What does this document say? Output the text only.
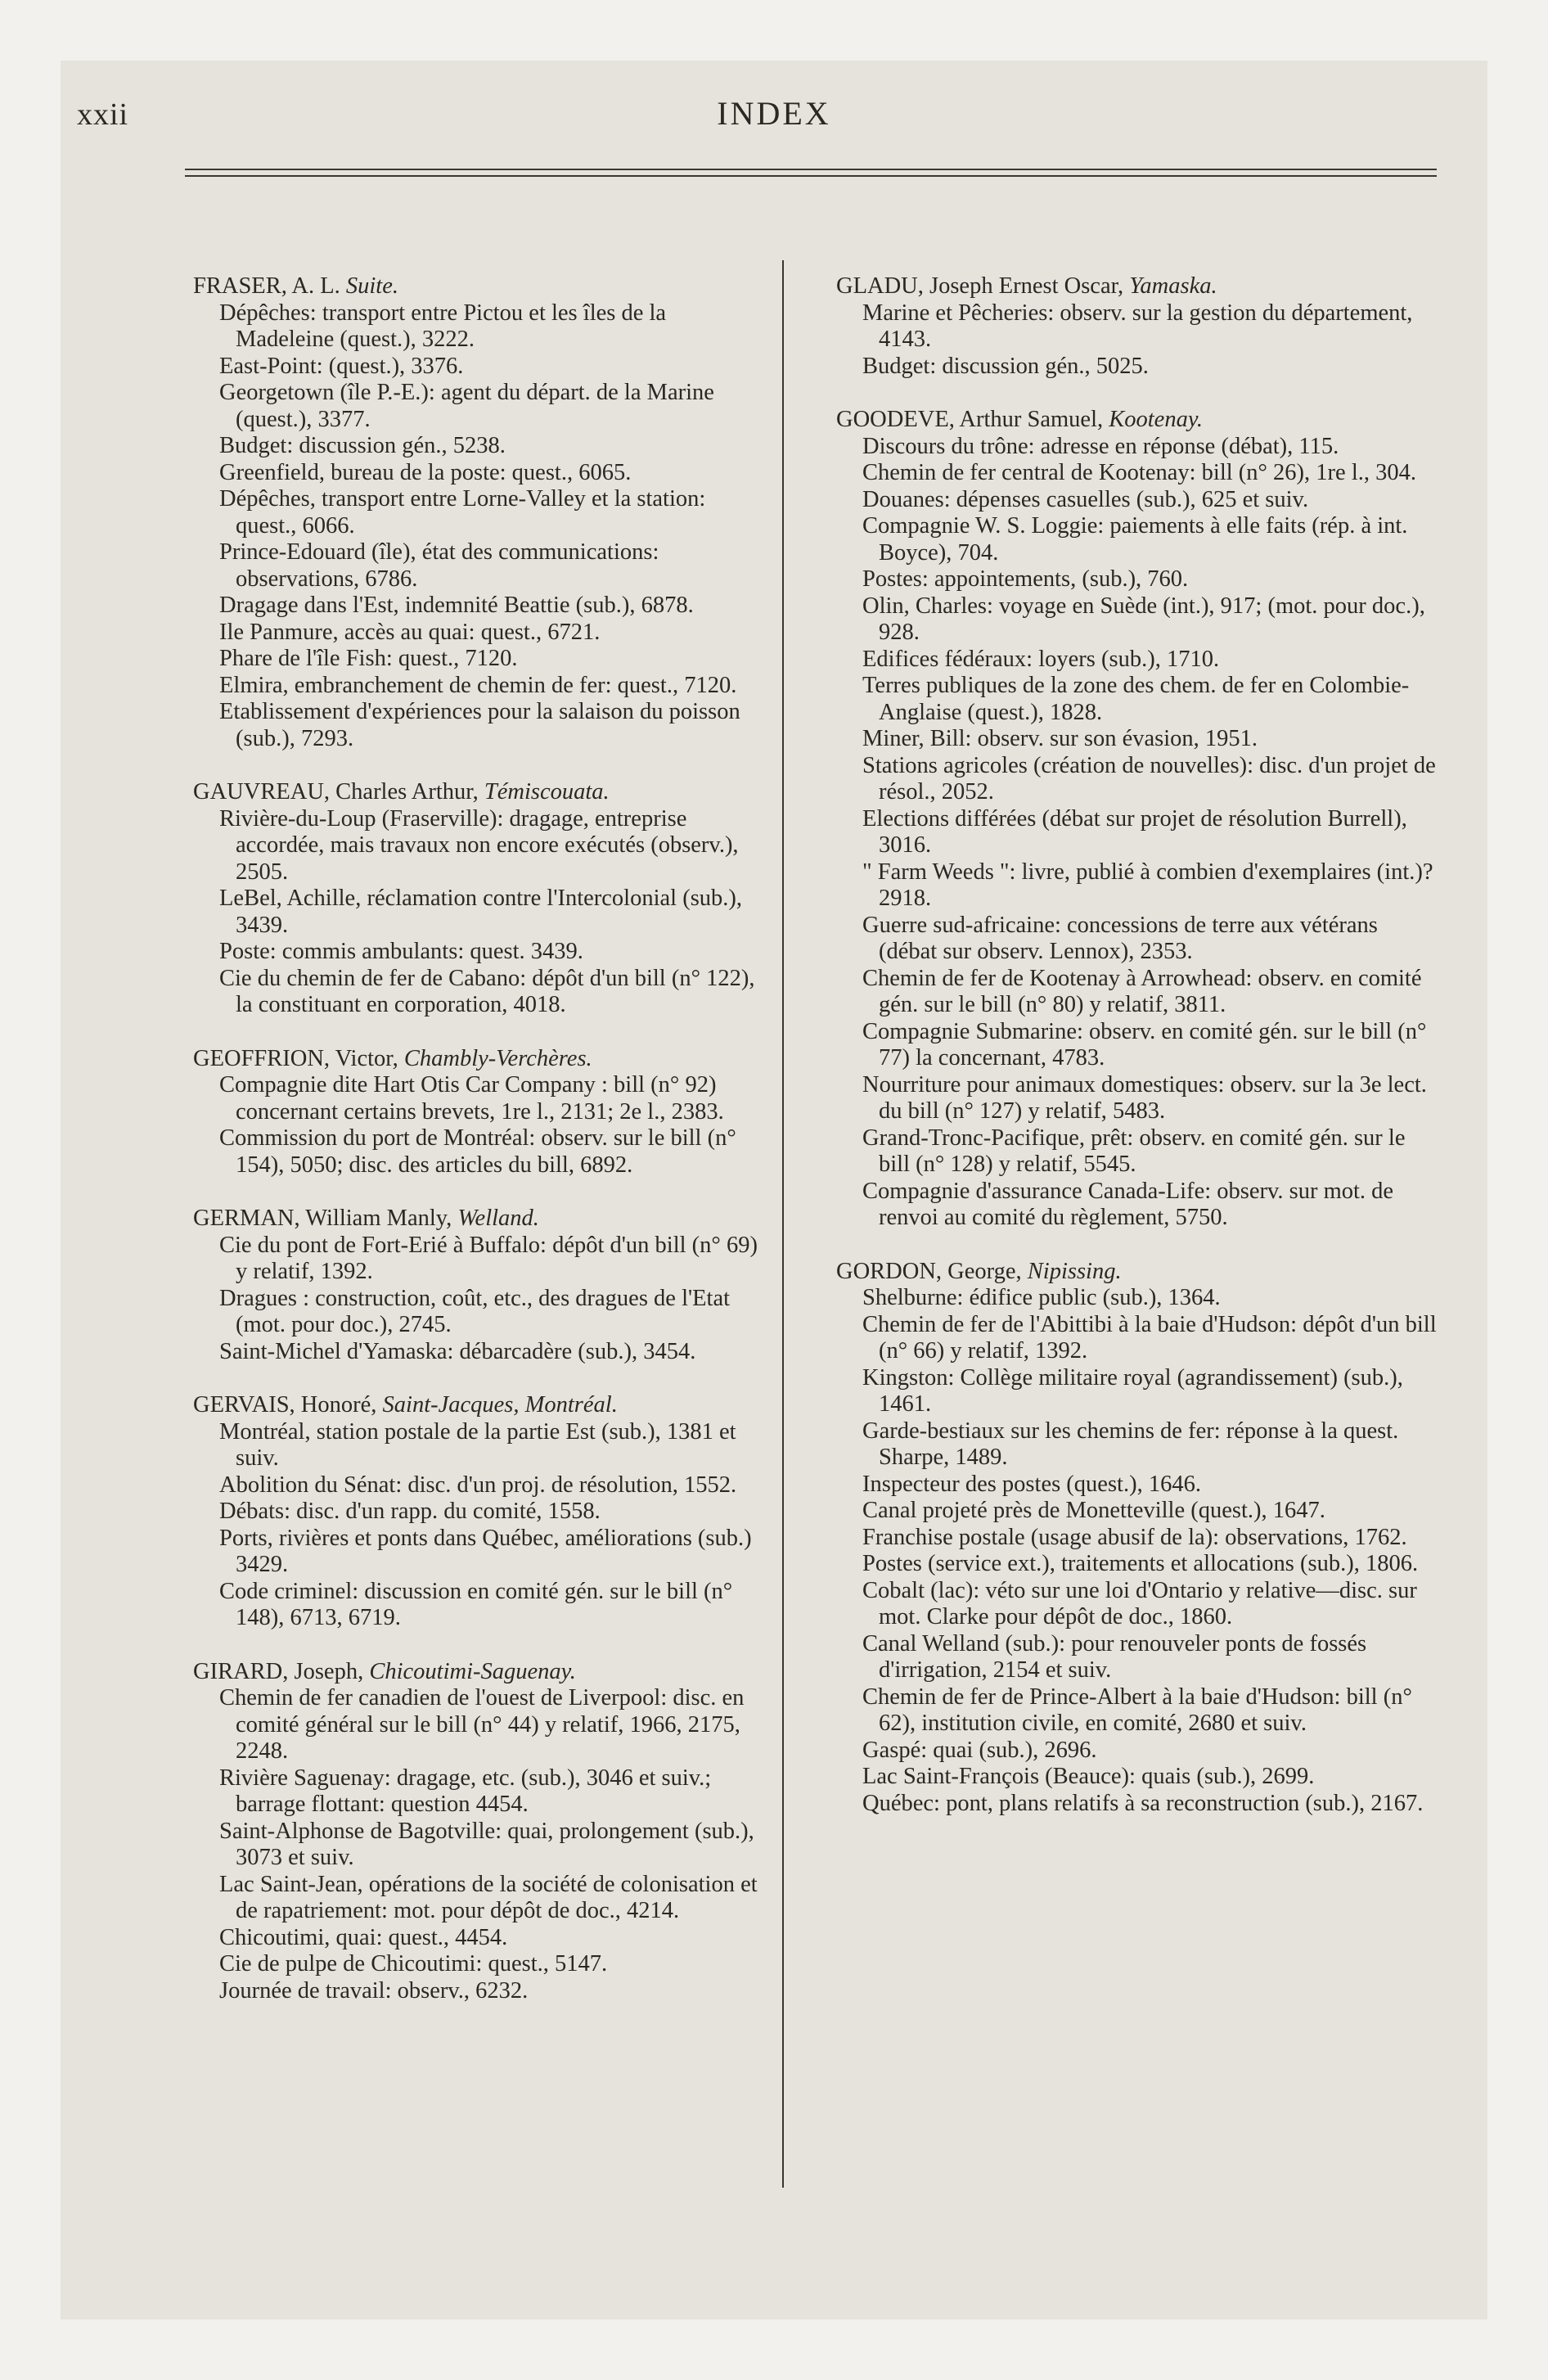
xxii	INDEX
FRASER, A. L. Suite.
Dépêches: transport entre Pictou et les îles de la Madeleine (quest.), 3222.
East-Point: (quest.), 3376.
Georgetown (île P.-E.): agent du départ. de la Marine (quest.), 3377.
Budget: discussion gén., 5238.
Greenfield, bureau de la poste: quest., 6065.
Dépêches, transport entre Lorne-Valley et la station: quest., 6066.
Prince-Edouard (île), état des communications: observations, 6786.
Dragage dans l'Est, indemnité Beattie (sub.), 6878.
Ile Panmure, accès au quai: quest., 6721.
Phare de l'île Fish: quest., 7120.
Elmira, embranchement de chemin de fer: quest., 7120.
Etablissement d'expériences pour la salaison du poisson (sub.), 7293.
GAUVREAU, Charles Arthur, Témiscouata.
Rivière-du-Loup (Fraserville): dragage, entreprise accordée, mais travaux non encore exécutés (observ.), 2505.
LeBel, Achille, réclamation contre l'Intercolonial (sub.), 3439.
Poste: commis ambulants: quest. 3439.
Cie du chemin de fer de Cabano: dépôt d'un bill (n° 122), la constituant en corporation, 4018.
GEOFFRION, Victor, Chambly-Verchères.
Compagnie dite Hart Otis Car Company : bill (n° 92) concernant certains brevets, 1re l., 2131; 2e l., 2383.
Commission du port de Montréal: observ. sur le bill (n° 154), 5050; disc. des articles du bill, 6892.
GERMAN, William Manly, Welland.
Cie du pont de Fort-Erié à Buffalo: dépôt d'un bill (n° 69) y relatif, 1392.
Dragues : construction, coût, etc., des dragues de l'Etat (mot. pour doc.), 2745.
Saint-Michel d'Yamaska: débarcadère (sub.), 3454.
GERVAIS, Honoré, Saint-Jacques, Montréal.
Montréal, station postale de la partie Est (sub.), 1381 et suiv.
Abolition du Sénat: disc. d'un proj. de résolution, 1552.
Débats: disc. d'un rapp. du comité, 1558.
Ports, rivières et ponts dans Québec, améliorations (sub.) 3429.
Code criminel: discussion en comité gén. sur le bill (n° 148), 6713, 6719.
GIRARD, Joseph, Chicoutimi-Saguenay.
Chemin de fer canadien de l'ouest de Liverpool: disc. en comité général sur le bill (n° 44) y relatif, 1966, 2175, 2248.
Rivière Saguenay: dragage, etc. (sub.), 3046 et suiv.; barrage flottant: question 4454.
Saint-Alphonse de Bagotville: quai, prolongement (sub.), 3073 et suiv.
Lac Saint-Jean, opérations de la société de colonisation et de rapatriement: mot. pour dépôt de doc., 4214.
Chicoutimi, quai: quest., 4454.
Cie de pulpe de Chicoutimi: quest., 5147.
Journée de travail: observ., 6232.
GLADU, Joseph Ernest Oscar, Yamaska.
Marine et Pêcheries: observ. sur la gestion du département, 4143.
Budget: discussion gén., 5025.
GOODEVE, Arthur Samuel, Kootenay.
Discours du trône: adresse en réponse (débat), 115.
Chemin de fer central de Kootenay: bill (n° 26), 1re l., 304.
Douanes: dépenses casuelles (sub.), 625 et suiv.
Compagnie W. S. Loggie: paiements à elle faits (rép. à int. Boyce), 704.
Postes: appointements, (sub.), 760.
Olin, Charles: voyage en Suède (int.), 917; (mot. pour doc.), 928.
Edifices fédéraux: loyers (sub.), 1710.
Terres publiques de la zone des chem. de fer en Colombie-Anglaise (quest.), 1828.
Miner, Bill: observ. sur son évasion, 1951.
Stations agricoles (création de nouvelles): disc. d'un projet de résol., 2052.
Elections différées (débat sur projet de résolution Burrell), 3016.
" Farm Weeds ": livre, publié à combien d'exemplaires (int.)? 2918.
Guerre sud-africaine: concessions de terre aux vétérans (débat sur observ. Lennox), 2353.
Chemin de fer de Kootenay à Arrowhead: observ. en comité gén. sur le bill (n° 80) y relatif, 3811.
Compagnie Submarine: observ. en comité gén. sur le bill (n° 77) la concernant, 4783.
Nourriture pour animaux domestiques: observ. sur la 3e lect. du bill (n° 127) y relatif, 5483.
Grand-Tronc-Pacifique, prêt: observ. en comité gén. sur le bill (n° 128) y relatif, 5545.
Compagnie d'assurance Canada-Life: observ. sur mot. de renvoi au comité du règlement, 5750.
GORDON, George, Nipissing.
Shelburne: édifice public (sub.), 1364.
Chemin de fer de l'Abittibi à la baie d'Hudson: dépôt d'un bill (n° 66) y relatif, 1392.
Kingston: Collège militaire royal (agrandissement) (sub.), 1461.
Garde-bestiaux sur les chemins de fer: réponse à la quest. Sharpe, 1489.
Inspecteur des postes (quest.), 1646.
Canal projeté près de Monetteville (quest.), 1647.
Franchise postale (usage abusif de la): observations, 1762.
Postes (service ext.), traitements et allocations (sub.), 1806.
Cobalt (lac): véto sur une loi d'Ontario y relative—disc. sur mot. Clarke pour dépôt de doc., 1860.
Canal Welland (sub.): pour renouveler ponts de fossés d'irrigation, 2154 et suiv.
Chemin de fer de Prince-Albert à la baie d'Hudson: bill (n° 62), institution civile, en comité, 2680 et suiv.
Gaspé: quai (sub.), 2696.
Lac Saint-François (Beauce): quais (sub.), 2699.
Québec: pont, plans relatifs à sa reconstruction (sub.), 2167.
